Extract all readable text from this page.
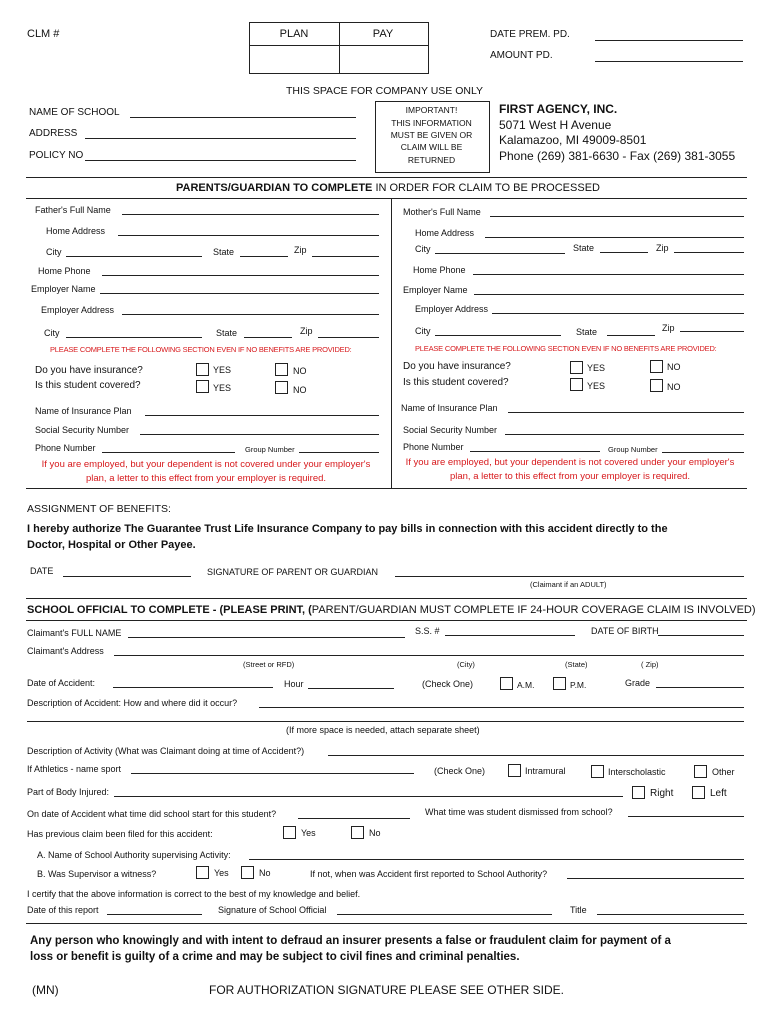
CLM #	PLAN	PAY	DATE PREM. PD.
AMOUNT PD.
THIS SPACE FOR COMPANY USE ONLY
NAME OF SCHOOL
ADDRESS
POLICY NO
IMPORTANT!
THIS INFORMATION
MUST BE GIVEN OR
CLAIM WILL BE
RETURNED
FIRST AGENCY, INC.
5071 West H Avenue
Kalamazoo, MI 49009-8501
Phone (269) 381-6630 - Fax (269) 381-3055
PARENTS/GUARDIAN TO COMPLETE IN ORDER FOR CLAIM TO BE PROCESSED
Father's Full Name
Home Address
City	State	Zip
Home Phone
Employer Name
Employer Address
City	State	Zip
PLEASE COMPLETE THE FOLLOWING SECTION EVEN IF NO BENEFITS ARE PROVIDED:
Do you have insurance?
Is this student covered?
YES	NO
YES	NO
Name of Insurance Plan
Social Security Number
Phone Number	Group Number
If you are employed, but your dependent is not covered under your employer's
plan, a letter to this effect from your employer is required.
Mother's Full Name
Home Address
City	State	Zip
Home Phone
Employer Name
Employer Address
City	State	Zip
PLEASE COMPLETE THE FOLLOWING SECTION EVEN IF NO BENEFITS ARE PROVIDED:
Do you have insurance?
Is this student covered?
YES	NO
YES	NO
Name of Insurance Plan
Social Security Number
Phone Number	Group Number
If you are employed, but your dependent is not covered under your employer's
plan, a letter to this effect from your employer is required.
ASSIGNMENT OF BENEFITS:
I hereby authorize The Guarantee Trust Life Insurance Company to pay bills in connection with this accident directly to the
Doctor, Hospital or Other Payee.
DATE	SIGNATURE OF PARENT OR GUARDIAN
(Claimant if an ADULT)
SCHOOL OFFICIAL TO COMPLETE - (PLEASE PRINT, (PARENT/GUARDIAN MUST COMPLETE IF 24-HOUR COVERAGE CLAIM IS INVOLVED)
Claimant's FULL NAME	S.S. #	DATE OF BIRTH
Claimant's Address
(Street or RFD)	(City)	(State)	( Zip)
Date of Accident:	Hour	(Check One)	A.M.	P.M.	Grade
Description of Accident: How and where did it occur?
(If more space is needed, attach separate sheet)
Description of Activity (What was Claimant doing at time of Accident?)
If Athletics - name sport	(Check One)	Intramural	Interscholastic	Other
Part of Body Injured:	Right	Left
On date of Accident what time did school start for this student?	What time was student dismissed from school?
Has previous claim been filed for this accident:	Yes	No
A. Name of School Authority supervising Activity:
B. Was Supervisor a witness?	Yes	No	If not, when was Accident first reported to School Authority?
I certify that the above information is correct to the best of my knowledge and belief.
Date of this report	Signature of School Official	Title
Any person who knowingly and with intent to defraud an insurer presents a false or fraudulent claim for payment of a
loss or benefit is guilty of a crime and may be subject to civil fines and criminal penalties.
(MN)	FOR AUTHORIZATION SIGNATURE PLEASE SEE OTHER SIDE.
